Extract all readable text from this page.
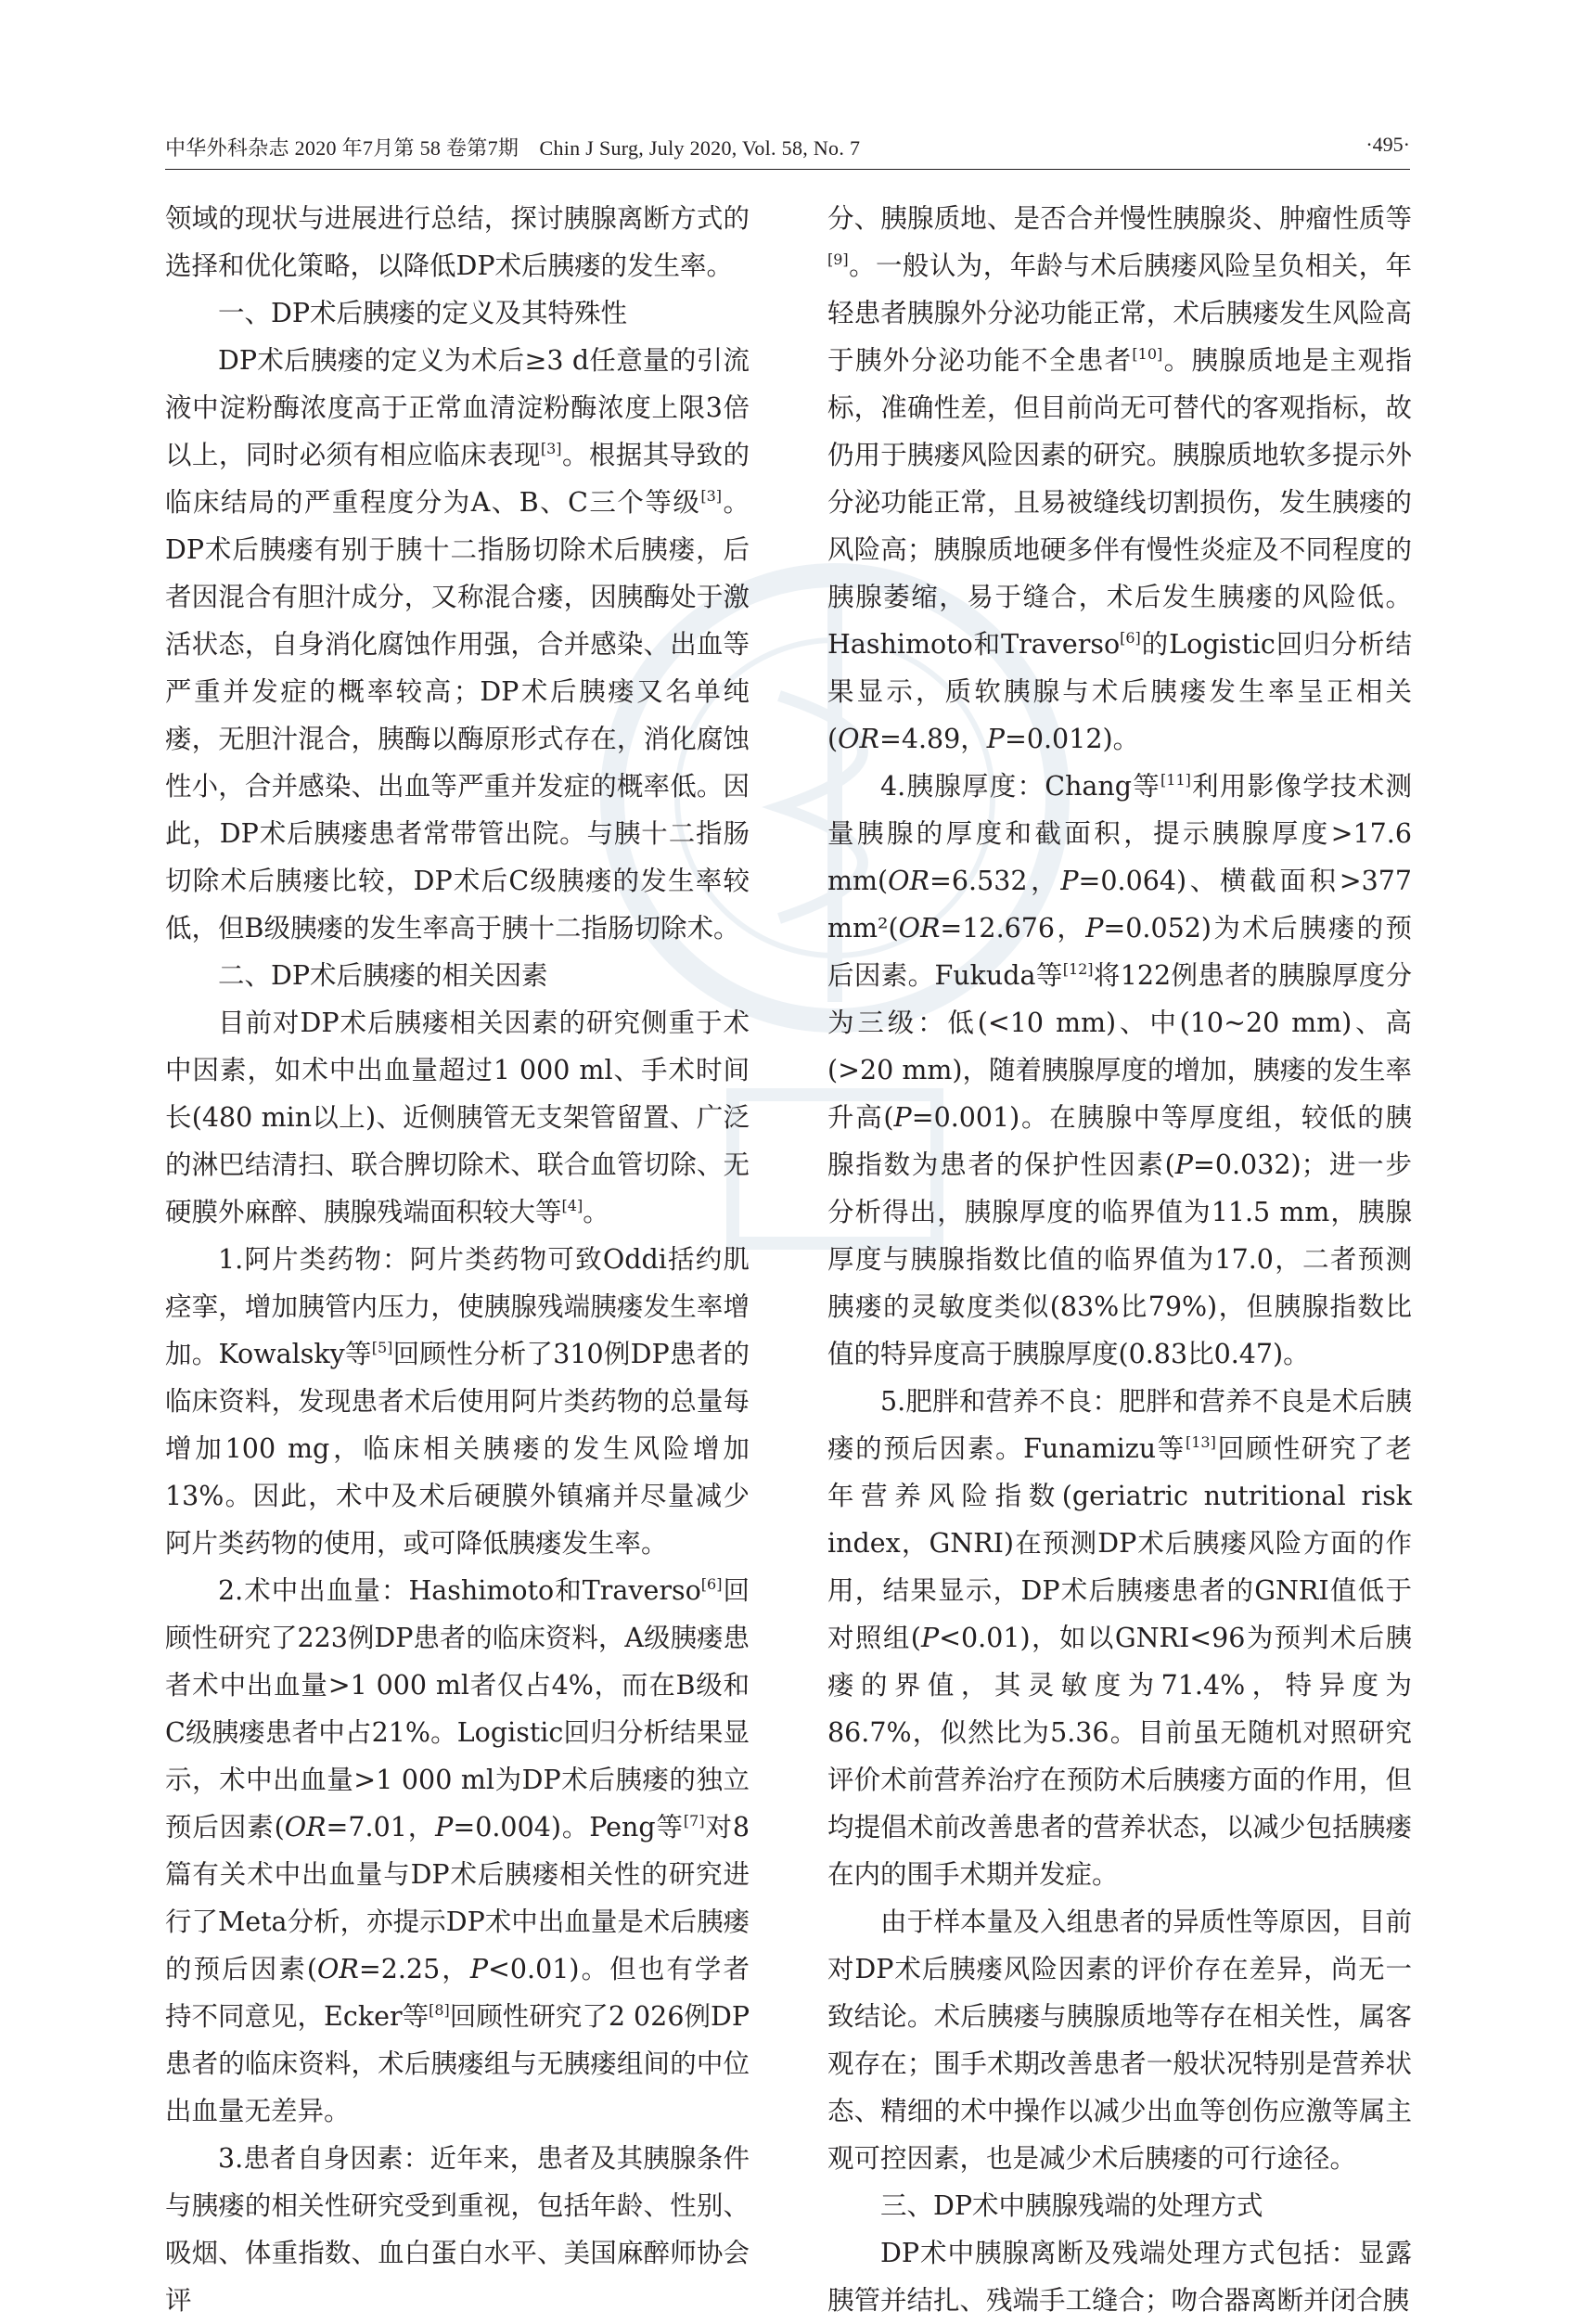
中华外科杂志 2020 年7月第 58 卷第7期　Chin J Surg, July 2020, Vol. 58, No. 7	·495·

领域的现状与进展进行总结，探讨胰腺离断方式的选择和优化策略，以降低DP术后胰瘘的发生率。

一、DP术后胰瘘的定义及其特殊性

DP术后胰瘘的定义为术后≥3 d任意量的引流液中淀粉酶浓度高于正常血清淀粉酶浓度上限3倍以上，同时必须有相应临床表现[3]。根据其导致的临床结局的严重程度分为A、B、C三个等级[3]。DP术后胰瘘有别于胰十二指肠切除术后胰瘘，后者因混合有胆汁成分，又称混合瘘，因胰酶处于激活状态，自身消化腐蚀作用强，合并感染、出血等严重并发症的概率较高；DP术后胰瘘又名单纯瘘，无胆汁混合，胰酶以酶原形式存在，消化腐蚀性小，合并感染、出血等严重并发症的概率低。因此，DP术后胰瘘患者常带管出院。与胰十二指肠切除术后胰瘘比较，DP术后C级胰瘘的发生率较低，但B级胰瘘的发生率高于胰十二指肠切除术。

二、DP术后胰瘘的相关因素

目前对DP术后胰瘘相关因素的研究侧重于术中因素，如术中出血量超过1 000 ml、手术时间长(480 min以上)、近侧胰管无支架管留置、广泛的淋巴结清扫、联合脾切除术、联合血管切除、无硬膜外麻醉、胰腺残端面积较大等[4]。

1.阿片类药物：阿片类药物可致Oddi括约肌痉挛，增加胰管内压力，使胰腺残端胰瘘发生率增加。Kowalsky等[5]回顾性分析了310例DP患者的临床资料，发现患者术后使用阿片类药物的总量每增加100 mg，临床相关胰瘘的发生风险增加13%。因此，术中及术后硬膜外镇痛并尽量减少阿片类药物的使用，或可降低胰瘘发生率。

2.术中出血量：Hashimoto和Traverso[6]回顾性研究了223例DP患者的临床资料，A级胰瘘患者术中出血量>1 000 ml者仅占4%，而在B级和C级胰瘘患者中占21%。Logistic回归分析结果显示，术中出血量>1 000 ml为DP术后胰瘘的独立预后因素(OR=7.01，P=0.004)。Peng等[7]对8篇有关术中出血量与DP术后胰瘘相关性的研究进行了Meta分析，亦提示DP术中出血量是术后胰瘘的预后因素(OR=2.25，P<0.01)。但也有学者持不同意见，Ecker等[8]回顾性研究了2 026例DP患者的临床资料，术后胰瘘组与无胰瘘组间的中位出血量无差异。

3.患者自身因素：近年来，患者及其胰腺条件与胰瘘的相关性研究受到重视，包括年龄、性别、吸烟、体重指数、血白蛋白水平、美国麻醉师协会评

分、胰腺质地、是否合并慢性胰腺炎、肿瘤性质等[9]。一般认为，年龄与术后胰瘘风险呈负相关，年轻患者胰腺外分泌功能正常，术后胰瘘发生风险高于胰外分泌功能不全患者[10]。胰腺质地是主观指标，准确性差，但目前尚无可替代的客观指标，故仍用于胰瘘风险因素的研究。胰腺质地软多提示外分泌功能正常，且易被缝线切割损伤，发生胰瘘的风险高；胰腺质地硬多伴有慢性炎症及不同程度的胰腺萎缩，易于缝合，术后发生胰瘘的风险低。Hashimoto和Traverso[6]的Logistic回归分析结果显示，质软胰腺与术后胰瘘发生率呈正相关(OR=4.89，P=0.012)。

4.胰腺厚度：Chang等[11]利用影像学技术测量胰腺的厚度和截面积，提示胰腺厚度>17.6 mm(OR=6.532，P=0.064)、横截面积>377 mm²(OR=12.676，P=0.052)为术后胰瘘的预后因素。Fukuda等[12]将122例患者的胰腺厚度分为三级：低(<10 mm)、中(10~20 mm)、高(>20 mm)，随着胰腺厚度的增加，胰瘘的发生率升高(P=0.001)。在胰腺中等厚度组，较低的胰腺指数为患者的保护性因素(P=0.032)；进一步分析得出，胰腺厚度的临界值为11.5 mm，胰腺厚度与胰腺指数比值的临界值为17.0，二者预测胰瘘的灵敏度类似(83%比79%)，但胰腺指数比值的特异度高于胰腺厚度(0.83比0.47)。

5.肥胖和营养不良：肥胖和营养不良是术后胰瘘的预后因素。Funamizu等[13]回顾性研究了老年营养风险指数(geriatric nutritional risk index，GNRI)在预测DP术后胰瘘风险方面的作用，结果显示，DP术后胰瘘患者的GNRI值低于对照组(P<0.01)，如以GNRI<96为预判术后胰瘘的界值，其灵敏度为71.4%，特异度为86.7%，似然比为5.36。目前虽无随机对照研究评价术前营养治疗在预防术后胰瘘方面的作用，但均提倡术前改善患者的营养状态，以减少包括胰瘘在内的围手术期并发症。

由于样本量及入组患者的异质性等原因，目前对DP术后胰瘘风险因素的评价存在差异，尚无一致结论。术后胰瘘与胰腺质地等存在相关性，属客观存在；围手术期改善患者一般状况特别是营养状态、精细的术中操作以减少出血等创伤应激等属主观可控因素，也是减少术后胰瘘的可行途径。

三、DP术中胰腺残端的处理方式

DP术中胰腺离断及残端处理方式包括：显露胰管并结扎、残端手工缝合；吻合器离断并闭合胰
